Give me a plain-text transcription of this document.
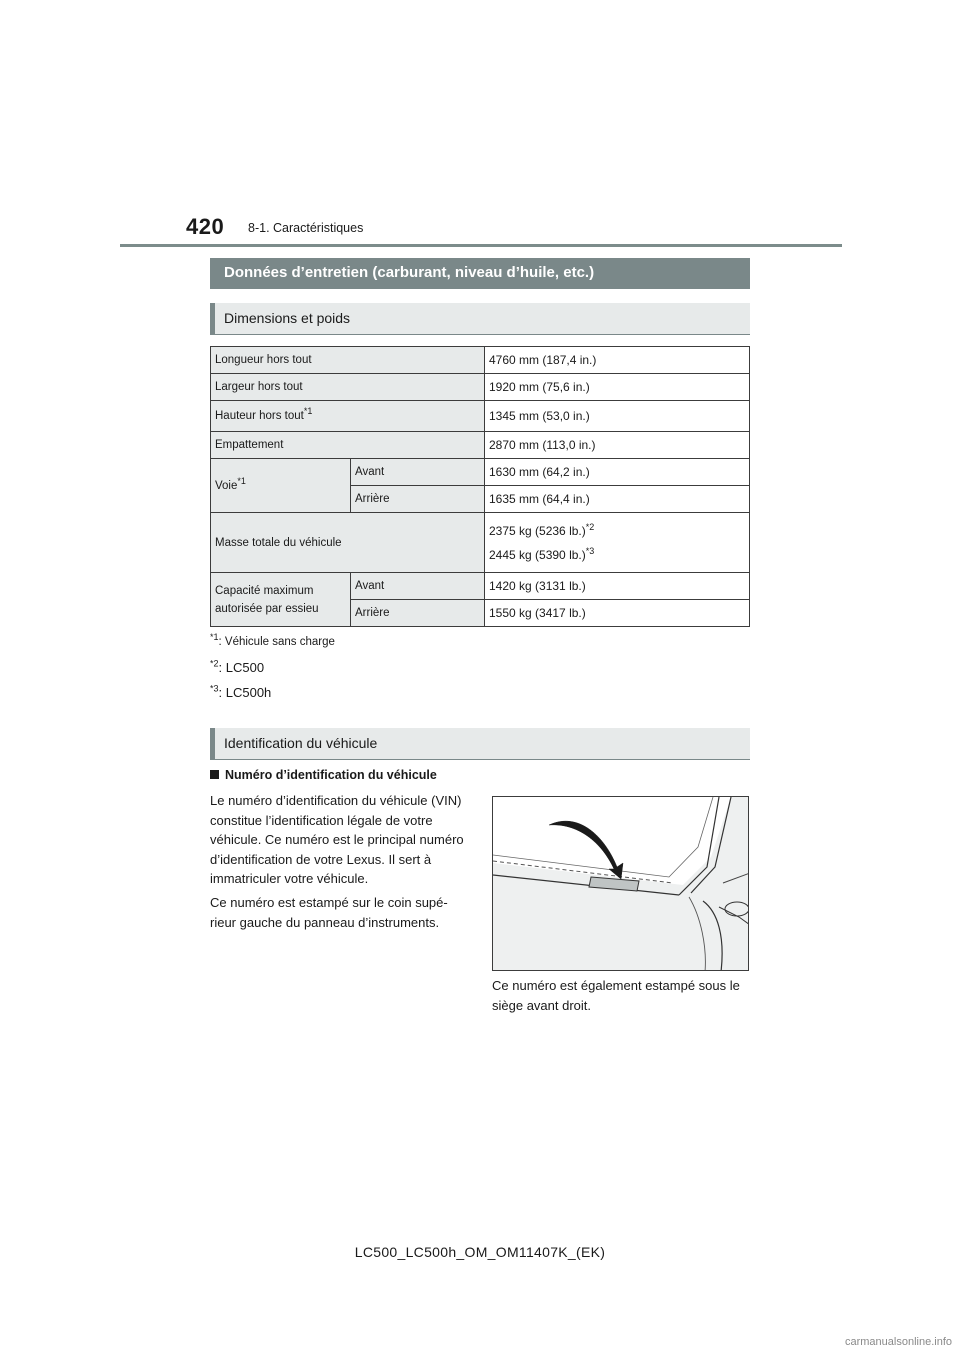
420 8-1. Caractéristiques
Données d’entretien (carburant, niveau d’huile, etc.)
Dimensions et poids
Longueur hors tout		4760 mm (187,4 in.)
Largeur hors tout		1920 mm (75,6 in.)
Hauteur hors tout$^{*1}$		1345 mm (53,0 in.)
Empattement		2870 mm (113,0 in.)
Voie$^{*1}$	Avant	1630 mm (64,2 in.)
	Arrière	1635 mm (64,4 in.)
Masse totale du véhicule		2375 kg (5236 lb.)$^{*2}$
2445 kg (5390 lb.)$^{*3}$

Capacité maximum
autorisée par essieu	Avant	1420 kg (3131 lb.)
	Arrière	1550 kg (3417 lb.)
$^{*1}$: Véhicule sans charge
$^{*2}$: LC500
$^{*3}$: LC500h
Identification du véhicule
Numéro d’identification du véhicule
Le numéro d’identification du véhicule (VIN) constitue l’identification légale de votre véhicule. Ce numéro est le principal numéro d’identification de votre Lexus. Il sert à immatriculer votre véhicule.
Ce numéro est estampé sur le coin supé-rieur gauche du panneau d’instruments.
Ce numéro est également estampé sous le siège avant droit.
LC500_LC500h_OM_OM11407K_(EK)
carmanualsonline.info
